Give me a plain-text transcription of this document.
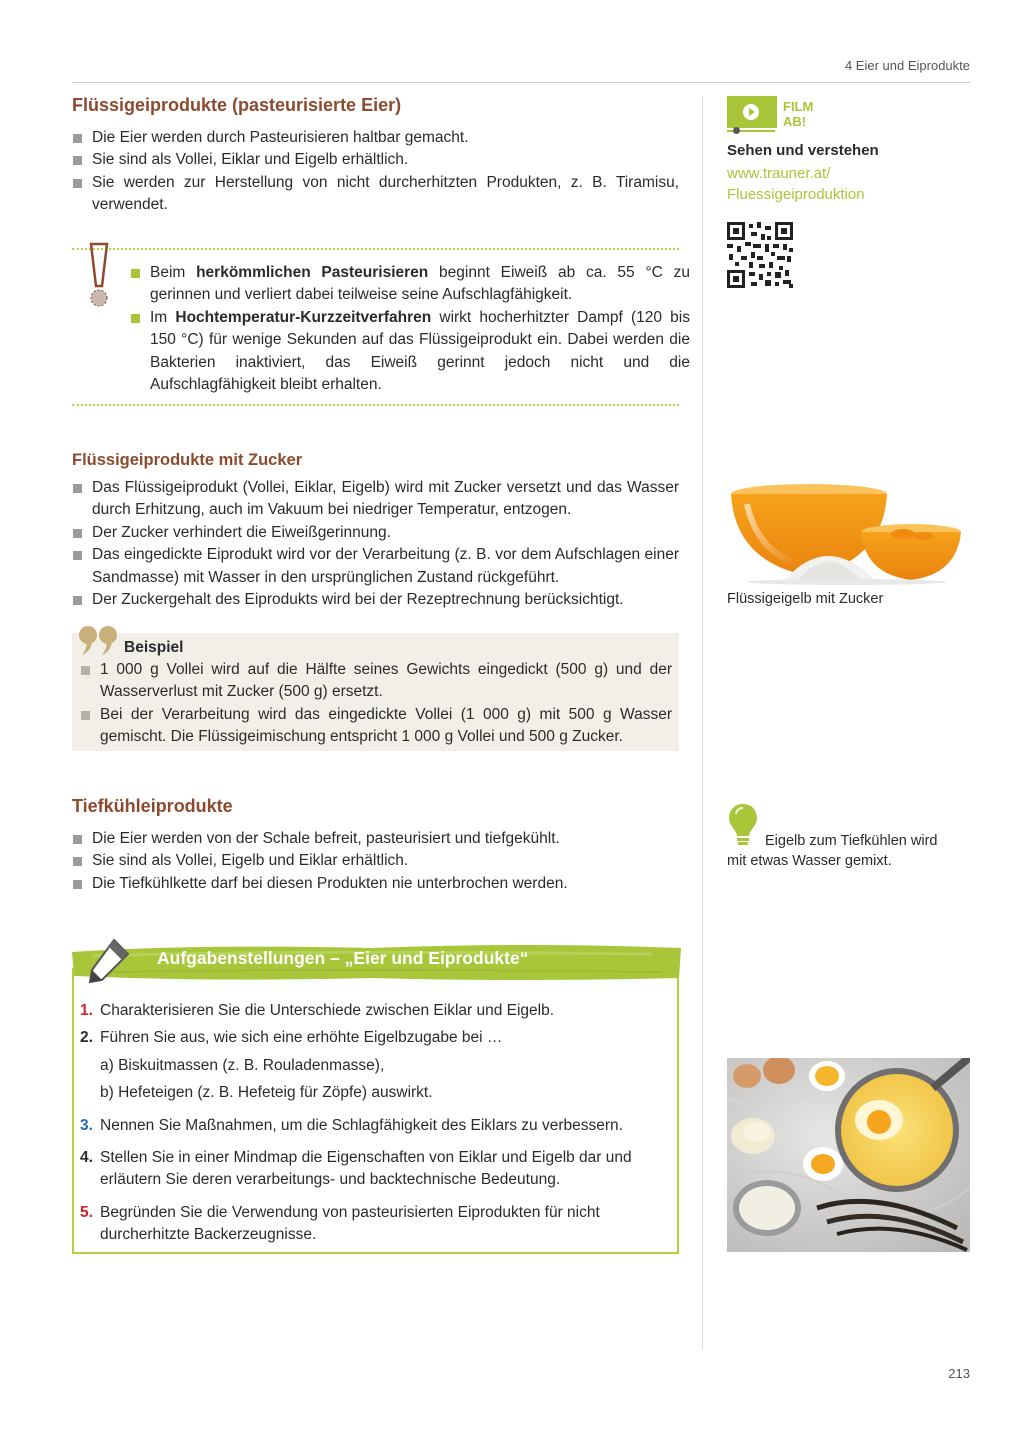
4 Eier und Eiprodukte
Flüssigeiprodukte (pasteurisierte Eier)
Die Eier werden durch Pasteurisieren haltbar gemacht.
Sie sind als Vollei, Eiklar und Eigelb erhältlich.
Sie werden zur Herstellung von nicht durcherhitzten Produkten, z. B. Tiramisu, verwendet.
Beim herkömmlichen Pasteurisieren beginnt Eiweiß ab ca. 55 °C zu gerinnen und verliert dabei teilweise seine Aufschlagfähigkeit.
Im Hochtemperatur-Kurzzeitverfahren wirkt hocherhitzter Dampf (120 bis 150 °C) für wenige Sekunden auf das Flüssigeiprodukt ein. Dabei werden die Bakterien inaktiviert, das Eiweiß gerinnt jedoch nicht und die Aufschlagfähigkeit bleibt erhalten.
Flüssigeiprodukte mit Zucker
Das Flüssigeiprodukt (Vollei, Eiklar, Eigelb) wird mit Zucker versetzt und das Wasser durch Erhitzung, auch im Vakuum bei niedriger Temperatur, entzogen.
Der Zucker verhindert die Eiweißgerinnung.
Das eingedickte Eiprodukt wird vor der Verarbeitung (z. B. vor dem Aufschlagen einer Sandmasse) mit Wasser in den ursprünglichen Zustand rückgeführt.
Der Zuckergehalt des Eiprodukts wird bei der Rezeptrechnung berücksichtigt.
Beispiel
1 000 g Vollei wird auf die Hälfte seines Gewichts eingedickt (500 g) und der Wasserverlust mit Zucker (500 g) ersetzt.
Bei der Verarbeitung wird das eingedickte Vollei (1 000 g) mit 500 g Wasser gemischt. Die Flüssigeimischung entspricht 1 000 g Vollei und 500 g Zucker.
Tiefkühleiprodukte
Die Eier werden von der Schale befreit, pasteurisiert und tiefgekühlt.
Sie sind als Vollei, Eigelb und Eiklar erhältlich.
Die Tiefkühlkette darf bei diesen Produkten nie unterbrochen werden.
Aufgabenstellungen – „Eier und Eiprodukte“
1. Charakterisieren Sie die Unterschiede zwischen Eiklar und Eigelb.
2. Führen Sie aus, wie sich eine erhöhte Eigelbzugabe bei …
a) Biskuitmassen (z. B. Rouladenmasse),
b) Hefeteigen (z. B. Hefeteig für Zöpfe) auswirkt.
3. Nennen Sie Maßnahmen, um die Schlagfähigkeit des Eiklars zu verbessern.
4. Stellen Sie in einer Mindmap die Eigenschaften von Eiklar und Eigelb dar und erläutern Sie deren verarbeitungs- und backtechnische Bedeutung.
5. Begründen Sie die Verwendung von pasteurisierten Eiprodukten für nicht durcherhitzte Backerzeugnisse.
FILM
AB!
Sehen und verstehen
www.trauner.at/
Fluessigeiproduktion
Flüssigeigelb mit Zucker
Eigelb zum Tiefkühlen wird
mit etwas Wasser gemixt.
213
